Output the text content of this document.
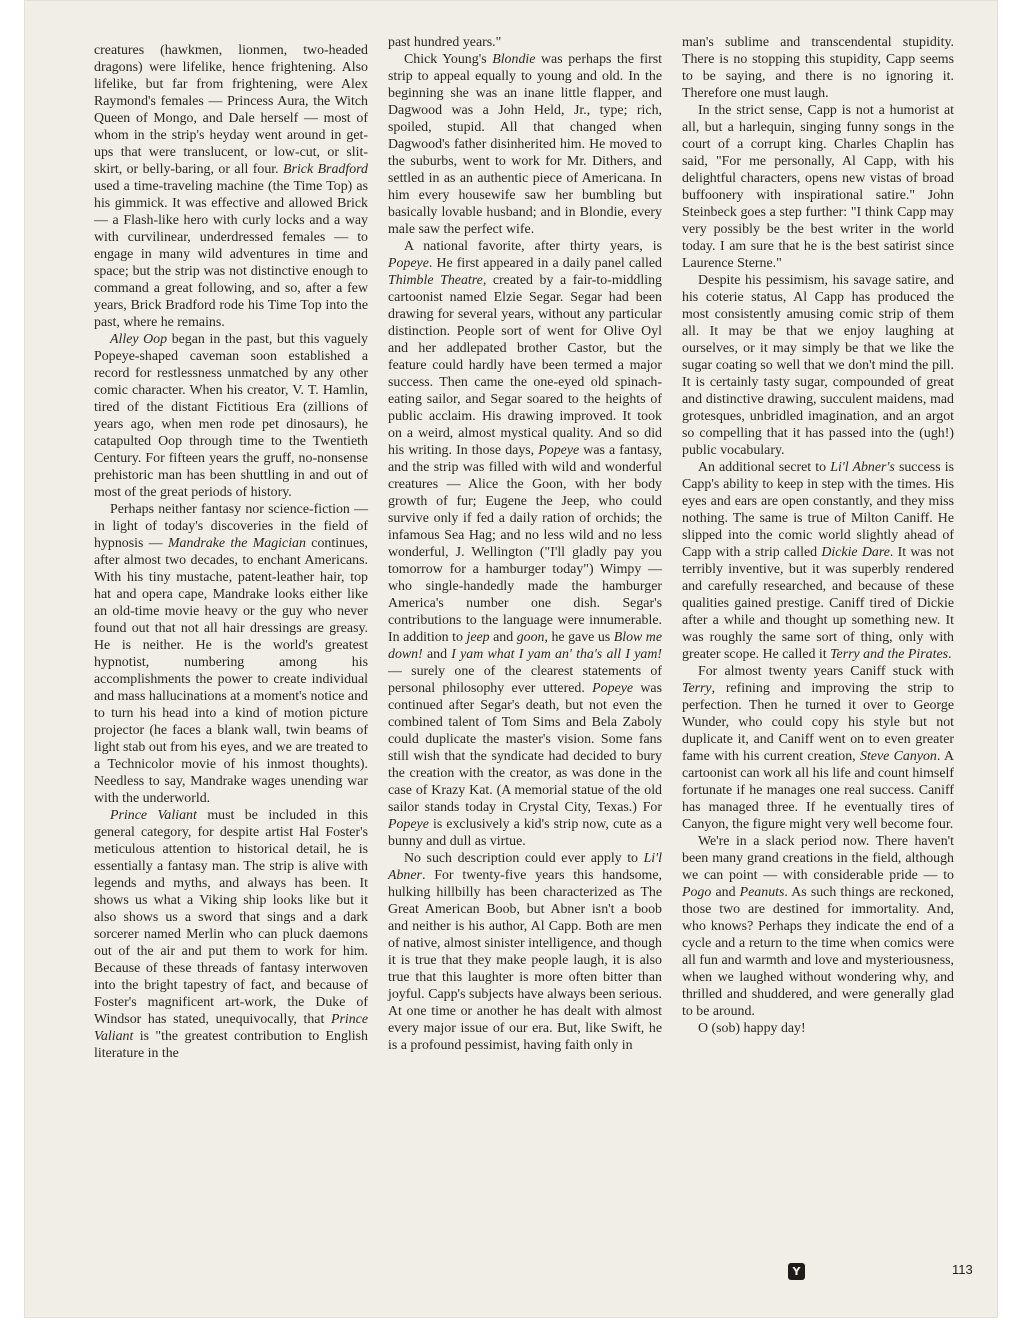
creatures (hawkmen, lionmen, two-headed dragons) were lifelike, hence frightening. Also lifelike, but far from frightening, were Alex Raymond's females — Princess Aura, the Witch Queen of Mongo, and Dale herself — most of whom in the strip's heyday went around in get-ups that were translucent, or low-cut, or slit-skirt, or belly-baring, or all four. Brick Bradford used a time-traveling machine (the Time Top) as his gimmick. It was effective and allowed Brick — a Flash-like hero with curly locks and a way with curvilinear, underdressed females — to engage in many wild adventures in time and space; but the strip was not distinctive enough to command a great following, and so, after a few years, Brick Bradford rode his Time Top into the past, where he remains.

Alley Oop began in the past, but this vaguely Popeye-shaped caveman soon established a record for restlessness unmatched by any other comic character. When his creator, V. T. Hamlin, tired of the distant Fictitious Era (zillions of years ago, when men rode pet dinosaurs), he catapulted Oop through time to the Twentieth Century. For fifteen years the gruff, no-nonsense prehistoric man has been shuttling in and out of most of the great periods of history.

Perhaps neither fantasy nor science-fiction — in light of today's discoveries in the field of hypnosis — Mandrake the Magician continues, after almost two decades, to enchant Americans. With his tiny mustache, patent-leather hair, top hat and opera cape, Mandrake looks either like an old-time movie heavy or the guy who never found out that not all hair dressings are greasy. He is neither. He is the world's greatest hypnotist, numbering among his accomplishments the power to create individual and mass hallucinations at a moment's notice and to turn his head into a kind of motion picture projector (he faces a blank wall, twin beams of light stab out from his eyes, and we are treated to a Technicolor movie of his inmost thoughts). Needless to say, Mandrake wages unending war with the underworld.

Prince Valiant must be included in this general category, for despite artist Hal Foster's meticulous attention to historical detail, he is essentially a fantasy man. The strip is alive with legends and myths, and always has been. It shows us what a Viking ship looks like but it also shows us a sword that sings and a dark sorcerer named Merlin who can pluck daemons out of the air and put them to work for him. Because of these threads of fantasy interwoven into the bright tapestry of fact, and because of Foster's magnificent art-work, the Duke of Windsor has stated, unequivocally, that Prince Valiant is "the greatest contribution to English literature in the

past hundred years."

Chick Young's Blondie was perhaps the first strip to appeal equally to young and old. In the beginning she was an inane little flapper, and Dagwood was a John Held, Jr., type; rich, spoiled, stupid. All that changed when Dagwood's father disinherited him. He moved to the suburbs, went to work for Mr. Dithers, and settled in as an authentic piece of Americana. In him every housewife saw her bumbling but basically lovable husband; and in Blondie, every male saw the perfect wife.

A national favorite, after thirty years, is Popeye. He first appeared in a daily panel called Thimble Theatre, created by a fair-to-middling cartoonist named Elzie Segar. Segar had been drawing for several years, without any particular distinction. People sort of went for Olive Oyl and her addlepated brother Castor, but the feature could hardly have been termed a major success. Then came the one-eyed old spinach-eating sailor, and Segar soared to the heights of public acclaim. His drawing improved. It took on a weird, almost mystical quality. And so did his writing. In those days, Popeye was a fantasy, and the strip was filled with wild and wonderful creatures — Alice the Goon, with her body growth of fur; Eugene the Jeep, who could survive only if fed a daily ration of orchids; the infamous Sea Hag; and no less wild and no less wonderful, J. Wellington ("I'll gladly pay you tomorrow for a hamburger today") Wimpy — who single-handedly made the hamburger America's number one dish. Segar's contributions to the language were innumerable. In addition to jeep and goon, he gave us Blow me down! and I yam what I yam an' tha's all I yam! — surely one of the clearest statements of personal philosophy ever uttered. Popeye was continued after Segar's death, but not even the combined talent of Tom Sims and Bela Zaboly could duplicate the master's vision. Some fans still wish that the syndicate had decided to bury the creation with the creator, as was done in the case of Krazy Kat. (A memorial statue of the old sailor stands today in Crystal City, Texas.) For Popeye is exclusively a kid's strip now, cute as a bunny and dull as virtue.

No such description could ever apply to Li'l Abner. For twenty-five years this handsome, hulking hillbilly has been characterized as The Great American Boob, but Abner isn't a boob and neither is his author, Al Capp. Both are men of native, almost sinister intelligence, and though it is true that they make people laugh, it is also true that this laughter is more often bitter than joyful. Capp's subjects have always been serious. At one time or another he has dealt with almost every major issue of our era. But, like Swift, he is a profound pessimist, having faith only in

man's sublime and transcendental stupidity. There is no stopping this stupidity, Capp seems to be saying, and there is no ignoring it. Therefore one must laugh.

In the strict sense, Capp is not a humorist at all, but a harlequin, singing funny songs in the court of a corrupt king. Charles Chaplin has said, "For me personally, Al Capp, with his delightful characters, opens new vistas of broad buffoonery with inspirational satire." John Steinbeck goes a step further: "I think Capp may very possibly be the best writer in the world today. I am sure that he is the best satirist since Laurence Sterne."

Despite his pessimism, his savage satire, and his coterie status, Al Capp has produced the most consistently amusing comic strip of them all. It may be that we enjoy laughing at ourselves, or it may simply be that we like the sugar coating so well that we don't mind the pill. It is certainly tasty sugar, compounded of great and distinctive drawing, succulent maidens, mad grotesques, unbridled imagination, and an argot so compelling that it has passed into the (ugh!) public vocabulary.

An additional secret to Li'l Abner's success is Capp's ability to keep in step with the times. His eyes and ears are open constantly, and they miss nothing. The same is true of Milton Caniff. He slipped into the comic world slightly ahead of Capp with a strip called Dickie Dare. It was not terribly inventive, but it was superbly rendered and carefully researched, and because of these qualities gained prestige. Caniff tired of Dickie after a while and thought up something new. It was roughly the same sort of thing, only with greater scope. He called it Terry and the Pirates.

For almost twenty years Caniff stuck with Terry, refining and improving the strip to perfection. Then he turned it over to George Wunder, who could copy his style but not duplicate it, and Caniff went on to even greater fame with his current creation, Steve Canyon. A cartoonist can work all his life and count himself fortunate if he manages one real success. Caniff has managed three. If he eventually tires of Canyon, the figure might very well become four.

We're in a slack period now. There haven't been many grand creations in the field, although we can point — with considerable pride — to Pogo and Peanuts. As such things are reckoned, those two are destined for immortality. And, who knows? Perhaps they indicate the end of a cycle and a return to the time when comics were all fun and warmth and love and mysteriousness, when we laughed without wondering why, and thrilled and shuddered, and were generally glad to be around.

O (sob) happy day!

Y	113
